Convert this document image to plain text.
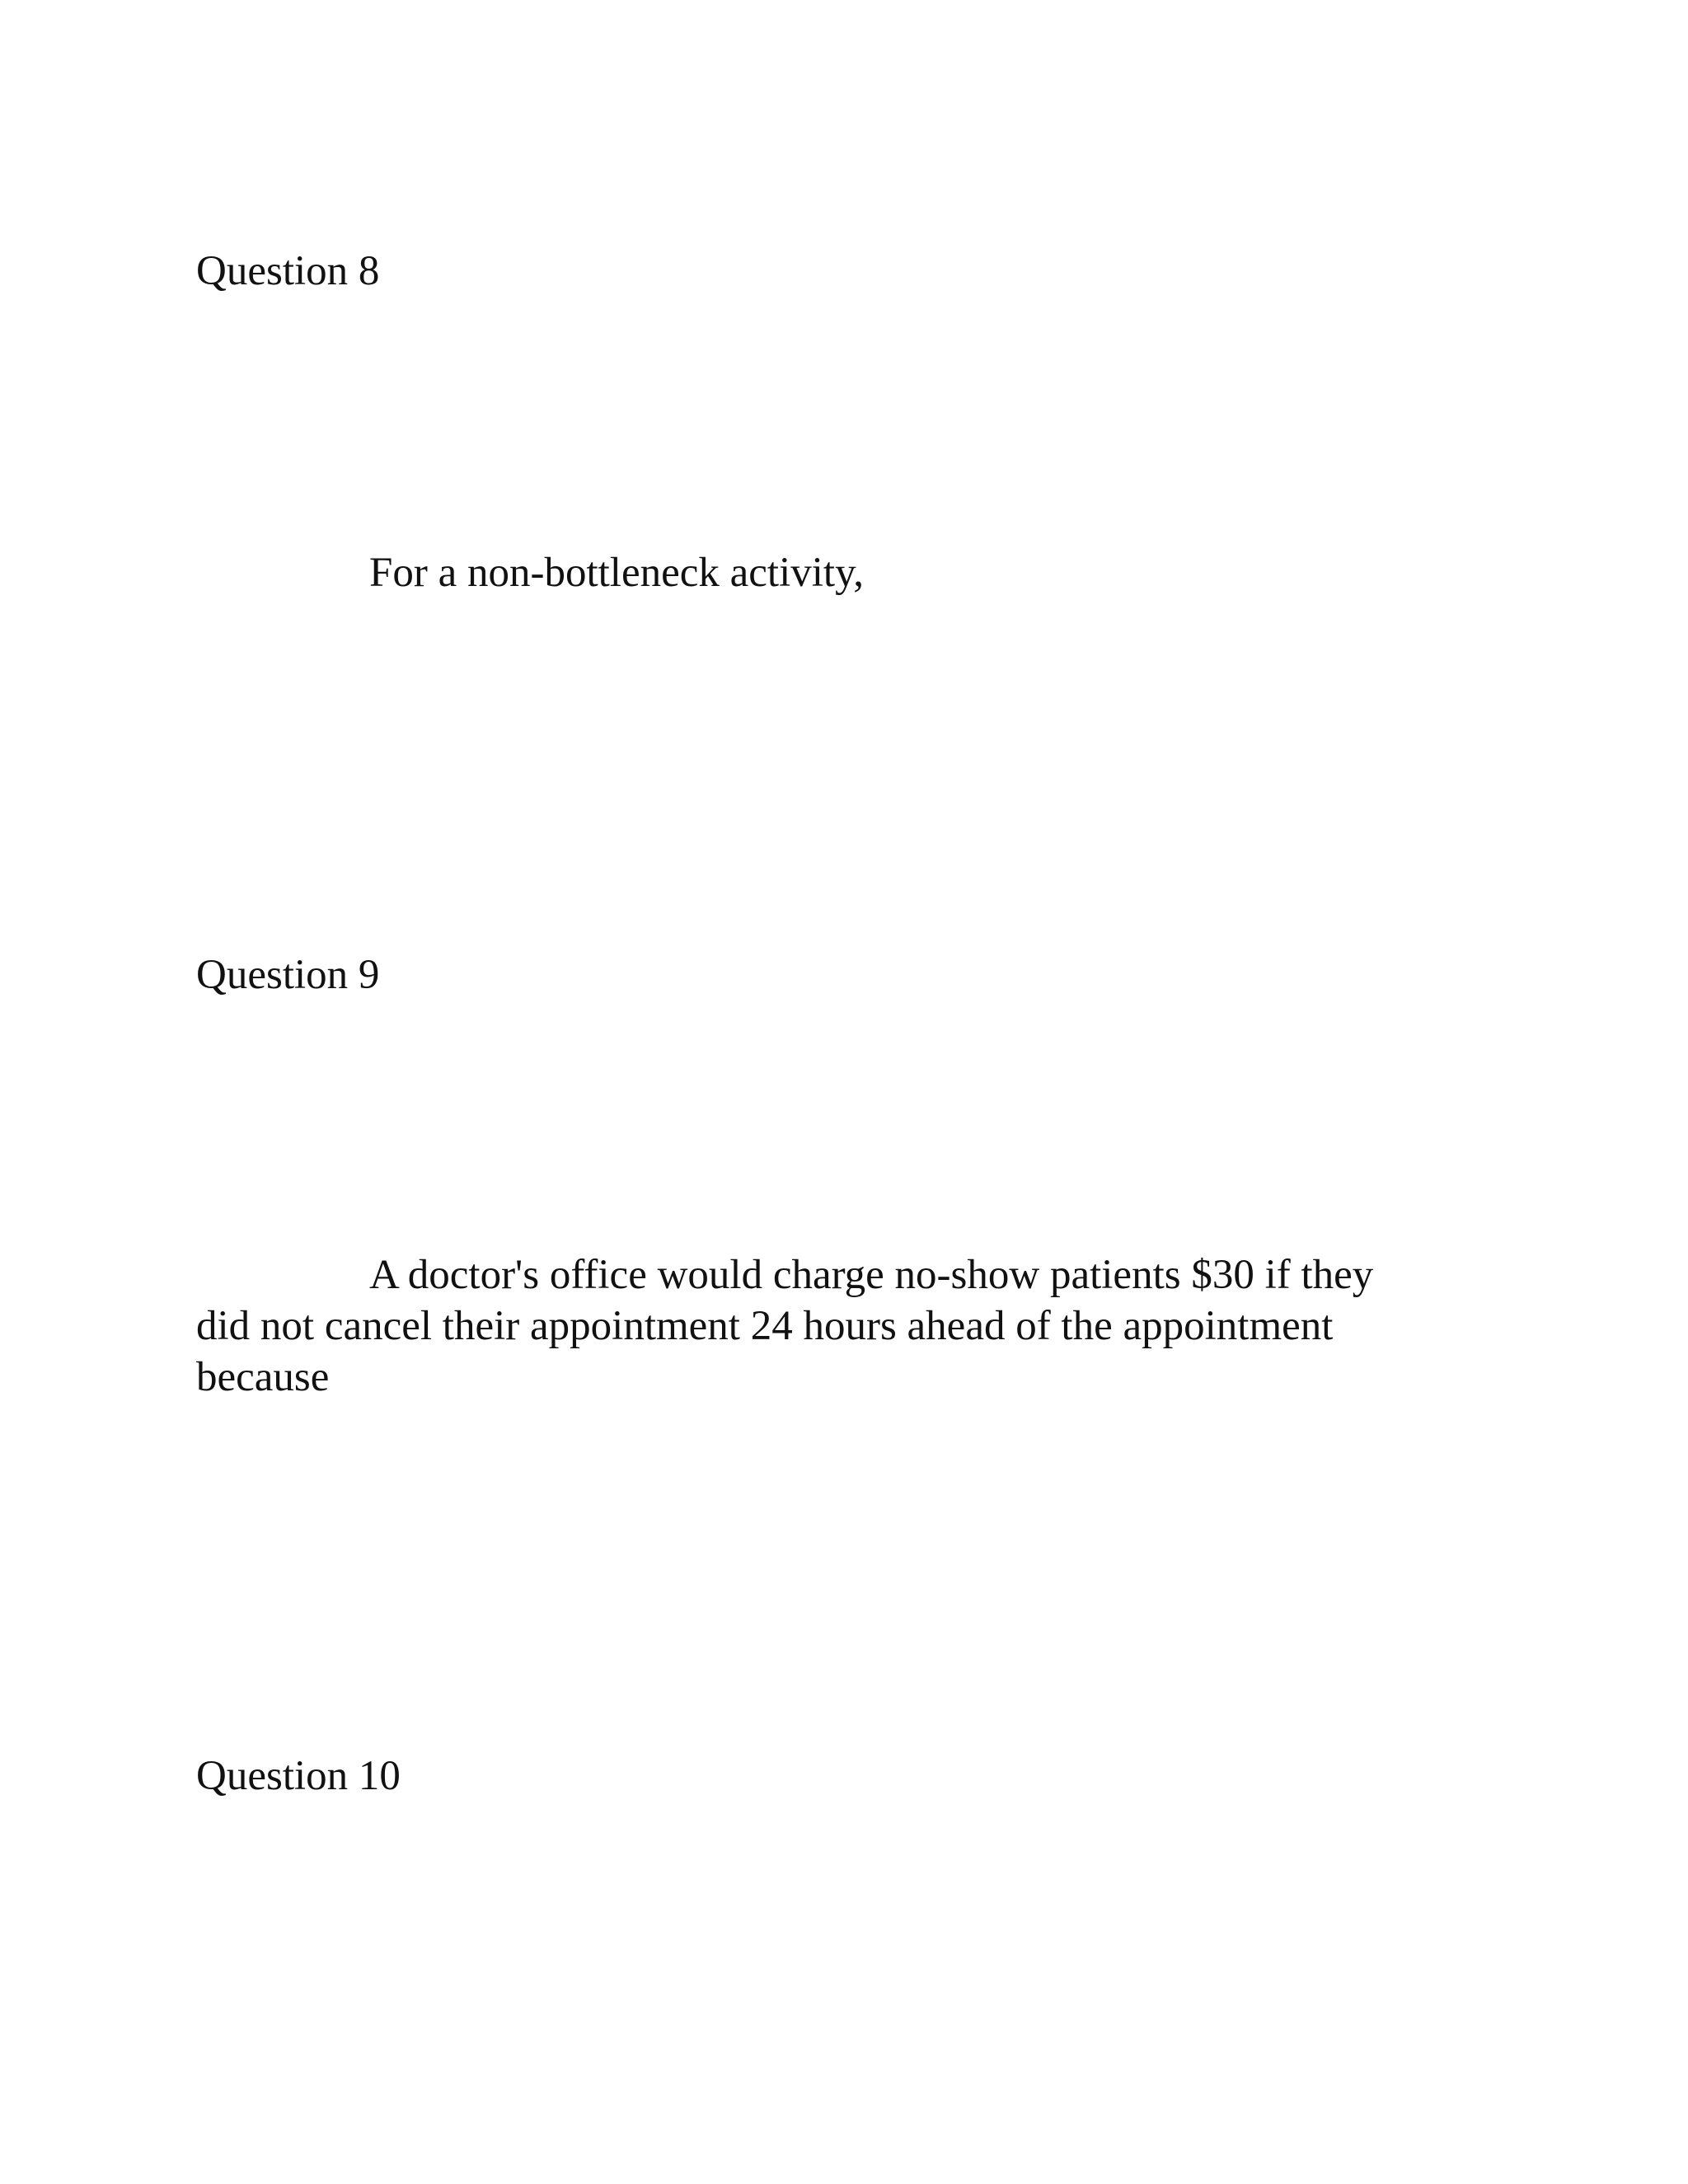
Question 8

For a non-bottleneck activity,

Question 9

A doctor's office would charge no-show patients $30 if they
did not cancel their appointment 24 hours ahead of the appointment
because

Question 10
